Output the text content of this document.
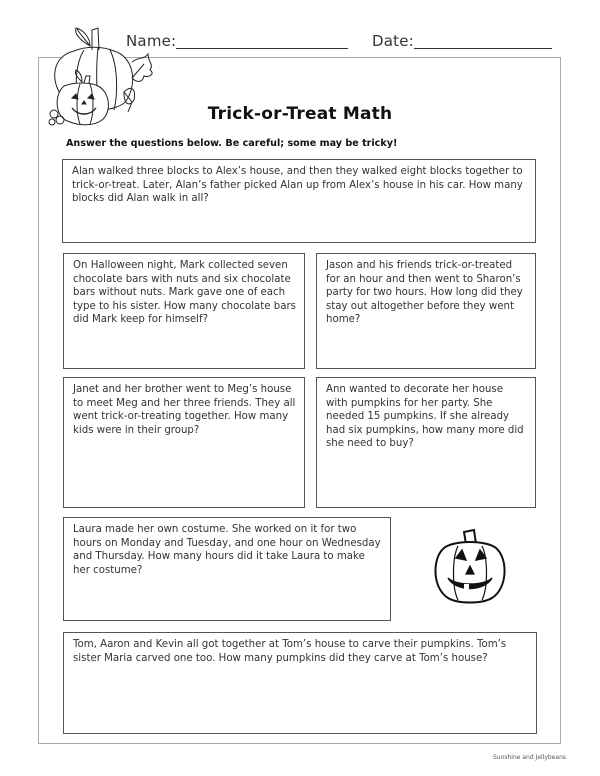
Name:	Date:
Trick-or-Treat Math
Answer the questions below. Be careful; some may be tricky!
Alan walked three blocks to Alex’s house, and then they walked eight blocks together to trick-or-treat. Later, Alan’s father picked Alan up from Alex’s house in his car. How many blocks did Alan walk in all?
On Halloween night, Mark collected seven chocolate bars with nuts and six chocolate bars without nuts. Mark gave one of each type to his sister. How many chocolate bars did Mark keep for himself?
Jason and his friends trick-or-treated for an hour and then went to Sharon’s party for two hours. How long did they stay out altogether before they went home?
Janet and her brother went to Meg’s house to meet Meg and her three friends. They all went trick-or-treating together. How many kids were in their group?
Ann wanted to decorate her house with pumpkins for her party. She needed 15 pumpkins. If she already had six pumpkins, how many more did she need to buy?
Laura made her own costume. She worked on it for two hours on Monday and Tuesday, and one hour on Wednesday and Thursday. How many hours did it take Laura to make her costume?
Tom, Aaron and Kevin all got together at Tom’s house to carve their pumpkins. Tom’s sister Maria carved one too. How many pumpkins did they carve at Tom’s house?
Sunshine and Jellybeans
